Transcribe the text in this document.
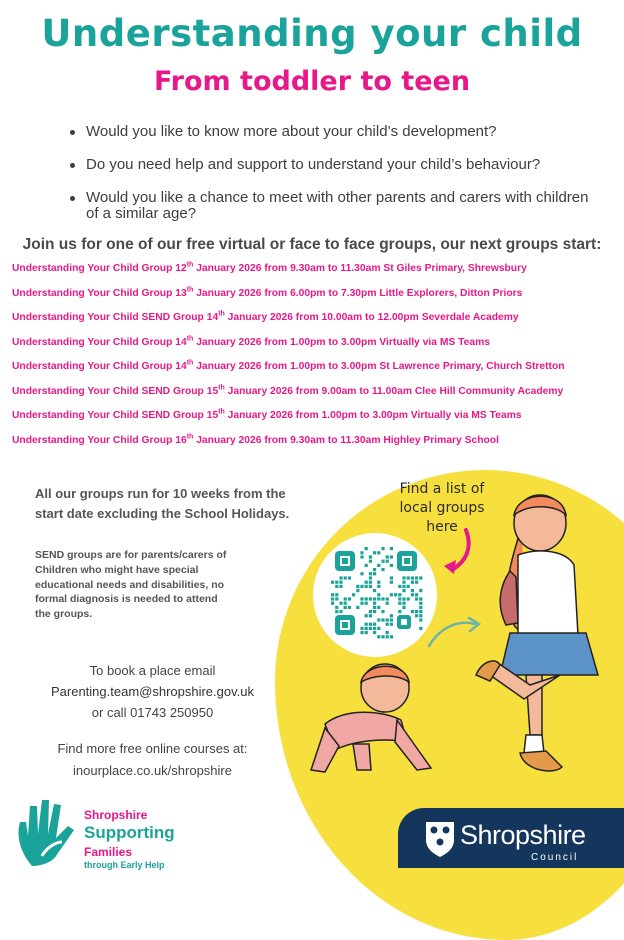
Understanding your child
From toddler to teen
Would you like to know more about your child’s development?
Do you need help and support to understand your child’s behaviour?
Would you like a chance to meet with other parents and carers with children of a similar age?

Join us for one of our free virtual or face to face groups, our next groups start:

Understanding Your Child Group 12th January 2026 from 9.30am to 11.30am St Giles Primary, Shrewsbury
Understanding Your Child Group 13th January 2026 from 6.00pm to 7.30pm Little Explorers, Ditton Priors
Understanding Your Child SEND Group 14th January 2026 from 10.00am to 12.00pm Severdale Academy
Understanding Your Child Group 14th January 2026 from 1.00pm to 3.00pm Virtually via MS Teams
Understanding Your Child Group 14th January 2026 from 1.00pm to 3.00pm St Lawrence Primary, Church Stretton
Understanding Your Child SEND Group 15th January 2026 from 9.00am to 11.00am Clee Hill Community Academy
Understanding Your Child SEND Group 15th January 2026 from 1.00pm to 3.00pm Virtually via MS Teams
Understanding Your Child Group 16th January 2026 from 9.30am to 11.30am Highley Primary School

All our groups run for 10 weeks from the start date excluding the School Holidays.

SEND groups are for parents/carers of Children who might have special educational needs and disabilities, no formal diagnosis is needed to attend the groups.

To book a place email

Parenting.team@shropshire.gov.uk

or call 01743 250950

Find more free online courses at:

inourplace.co.uk/shropshire

Find a list of local groups here
Shropshire
Supporting
Families
through Early Help
Shropshire
Council
